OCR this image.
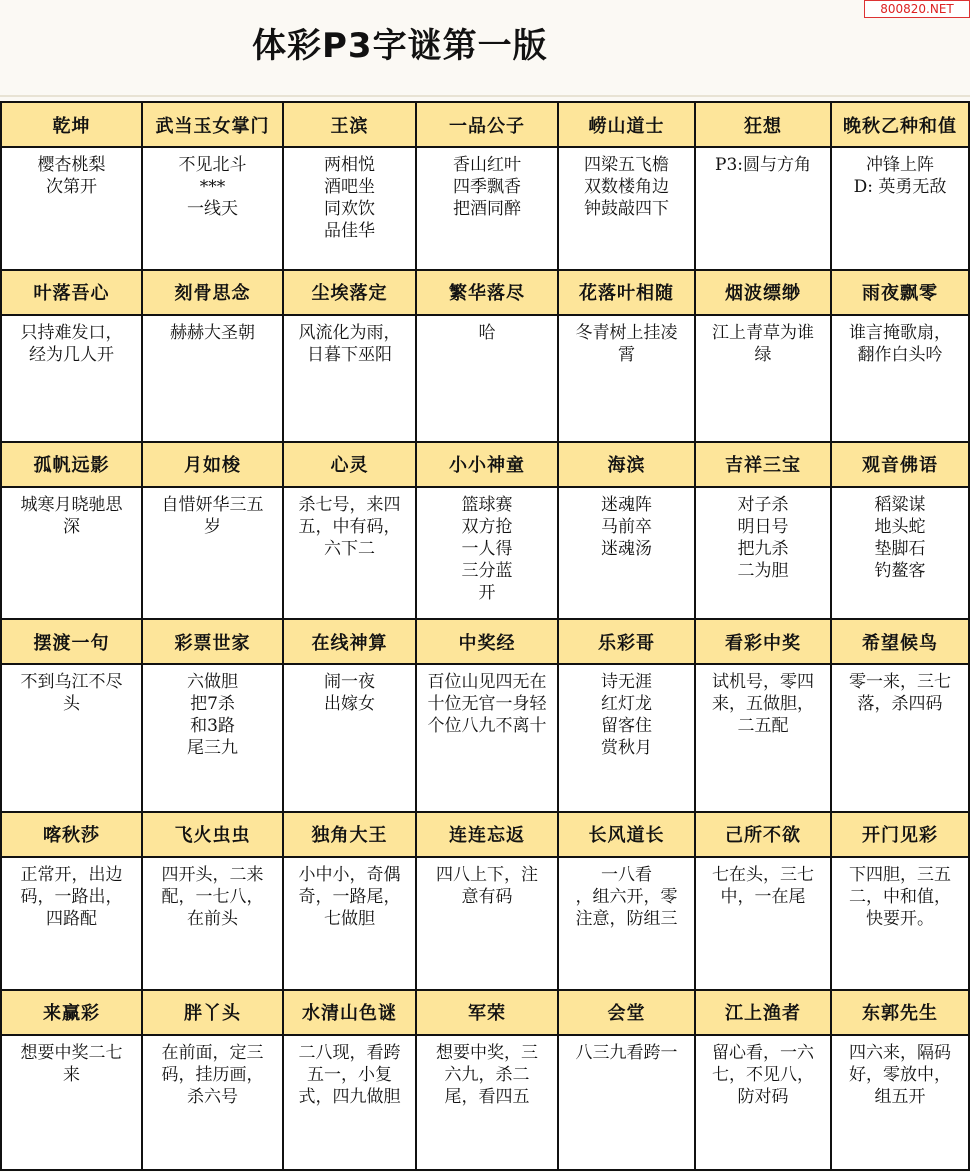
体彩P3字谜第一版
800820.NET
乾坤	武当玉女掌门	王滨	一品公子	崂山道士	狂想	晚秋乙种和值

樱杏桃梨
次第开	不见北斗
***
一线天	两相悦
酒吧坐
同欢饮
品佳华	香山红叶
四季飘香
把酒同醉	四梁五飞檐
双数楼角边
钟鼓敲四下	P3:圆与方角	冲锋上阵
D: 英勇无敌

叶落吾心	刻骨思念	尘埃落定	繁华落尽	花落叶相随	烟波缥缈	雨夜飘零

只持难发口，
经为几人开	赫赫大圣朝	风流化为雨，
日暮下巫阳	哈	冬青树上挂凌
霄	江上青草为谁
绿	谁言掩歌扇，
翻作白头吟

孤帆远影	月如梭	心灵	小小神童	海滨	吉祥三宝	观音佛语

城寒月晓驰思
深	自惜妍华三五
岁	杀七号，来四
五，中有码，
六下二	篮球赛
双方抢
一人得
三分蓝
开	迷魂阵
马前卒
迷魂汤	对子杀
明日号
把九杀
二为胆	稻粱谋
地头蛇
垫脚石
钓鳌客

摆渡一句	彩票世家	在线神算	中奖经	乐彩哥	看彩中奖	希望候鸟

不到乌江不尽
头	六做胆
把7杀
和3路
尾三九	闹一夜
出嫁女	百位山见四无在
十位无官一身轻
个位八九不离十	诗无涯
红灯龙
留客住
赏秋月	试机号，零四
来，五做胆，
二五配	零一来，三七
落，杀四码

喀秋莎	飞火虫虫	独角大王	连连忘返	长风道长	己所不欲	开门见彩

正常开，出边
码，一路出，
四路配	四开头，二来
配，一七八，
在前头	小中小，奇偶
奇，一路尾，
七做胆	四八上下，注
意有码	一八看
，组六开，零
注意，防组三	七在头，三七
中，一在尾	下四胆，三五
二，中和值，
快要开。

来赢彩	胖丫头	水清山色谜	军荣	会堂	江上渔者	东郭先生

想要中奖二七
来	在前面，定三
码，挂历画，
杀六号	二八现，看跨
五一，小复
式，四九做胆	想要中奖，三
六九，杀二
尾，看四五	八三九看跨一	留心看，一六
七，不见八，
防对码	四六来，隔码
好，零放中，
组五开
